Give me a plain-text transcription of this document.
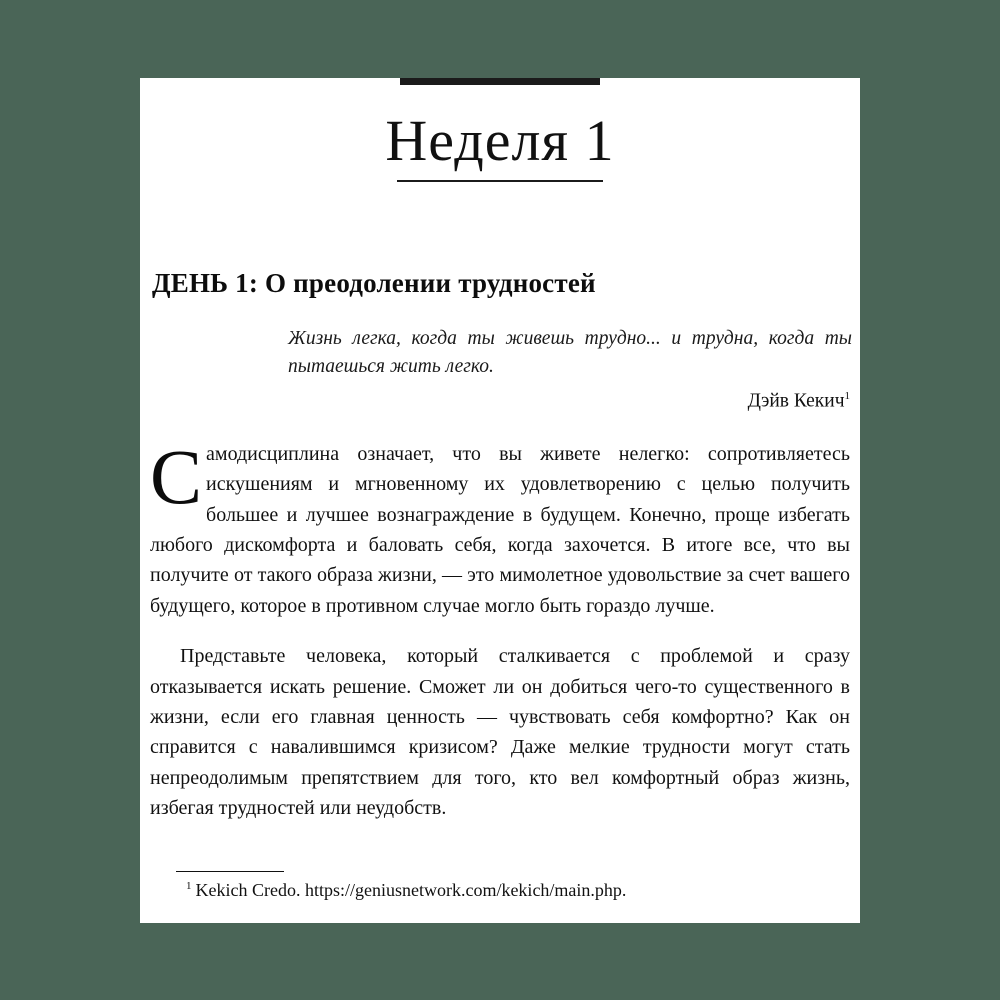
Неделя 1
ДЕНЬ 1: О преодолении трудностей
Жизнь легка, когда ты живешь трудно... и трудна, когда ты пытаешься жить легко.
Дэйв Кекич$^1$

Самодисциплина означает, что вы живете нелегко: сопротивляетесь искушениям и мгновенному их удовлетворению с целью получить большее и лучшее вознаграждение в будущем. Конечно, проще избегать любого дискомфорта и баловать себя, когда захочется. В итоге все, что вы получите от такого образа жизни, — это мимолетное удовольствие за счет вашего будущего, которое в противном случае могло быть гораздо лучше.

Представьте человека, который сталкивается с проблемой и сразу отказывается искать решение. Сможет ли он добиться чего-то существенного в жизни, если его главная ценность — чувствовать себя комфортно? Как он справится с навалившимся кризисом? Даже мелкие трудности могут стать непреодолимым препятствием для того, кто вел комфортный образ жизнь, избегая трудностей или неудобств.

$^1$ Kekich Credo. https://geniusnetwork.com/kekich/main.php.
